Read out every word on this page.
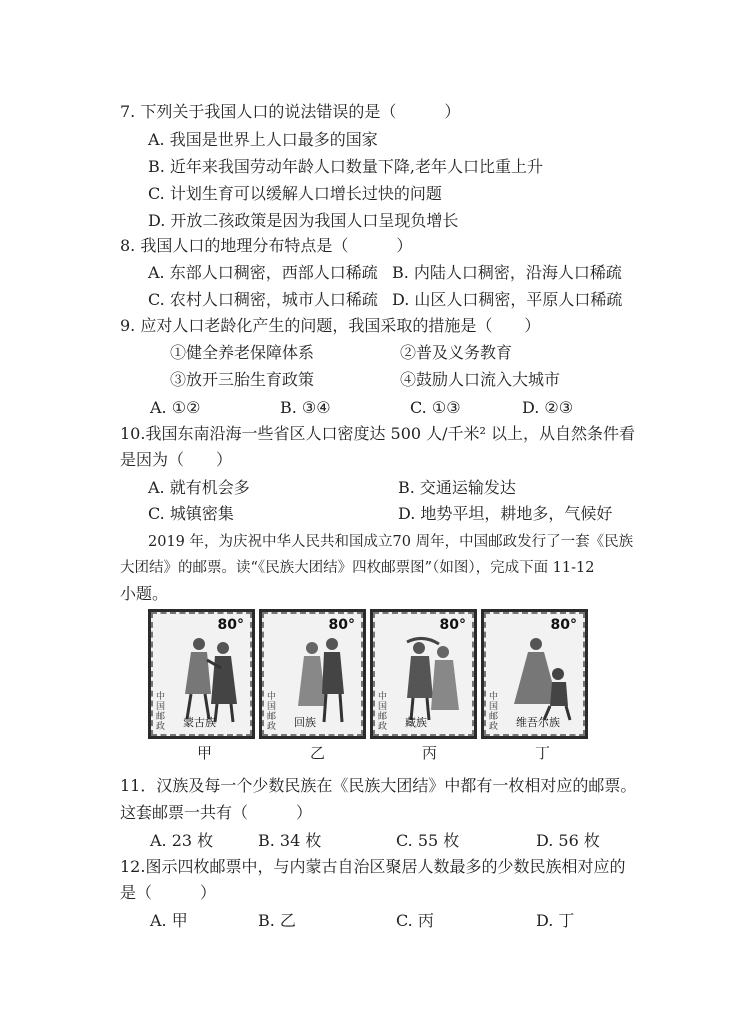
7. 下列关于我国人口的说法错误的是（　　　）
A. 我国是世界上人口最多的国家
B. 近年来我国劳动年龄人口数量下降,老年人口比重上升
C. 计划生育可以缓解人口增长过快的问题
D. 开放二孩政策是因为我国人口呈现负增长
8. 我国人口的地理分布特点是（　　　）
A. 东部人口稠密，西部人口稀疏 B. 内陆人口稠密，沿海人口稀疏
C. 农村人口稠密，城市人口稀疏 D. 山区人口稠密，平原人口稀疏
9. 应对人口老龄化产生的问题，我国采取的措施是（　　）
①健全养老保障体系	②普及义务教育
③放开三胎生育政策	④鼓励人口流入大城市
A. ①②	B. ③④	C. ①③	D. ②③
10.我国东南沿海一些省区人口密度达 500 人/千米² 以上，从自然条件看
是因为（　　）
A. 就有机会多	B. 交通运输发达
C. 城镇密集	D. 地势平坦，耕地多，气候好
2019 年，为庆祝中华人民共和国成立70 周年，中国邮政发行了一套《民族
大团结》的邮票。读“《民族大团结》四枚邮票图”（如图），完成下面 11-12
小题。
80°
中国邮政 蒙古族
80°
中国邮政 回族
80°
中国邮政 藏族
80°
中国邮政 维吾尔族
甲	乙	丙	丁
11．汉族及每一个少数民族在《民族大团结》中都有一枚相对应的邮票。
这套邮票一共有（　　　）
A. 23 枚	B. 34 枚	C. 55 枚	D. 56 枚
12.图示四枚邮票中，与内蒙古自治区聚居人数最多的少数民族相对应的
是（　　　）
A. 甲	B. 乙	C. 丙	D. 丁
